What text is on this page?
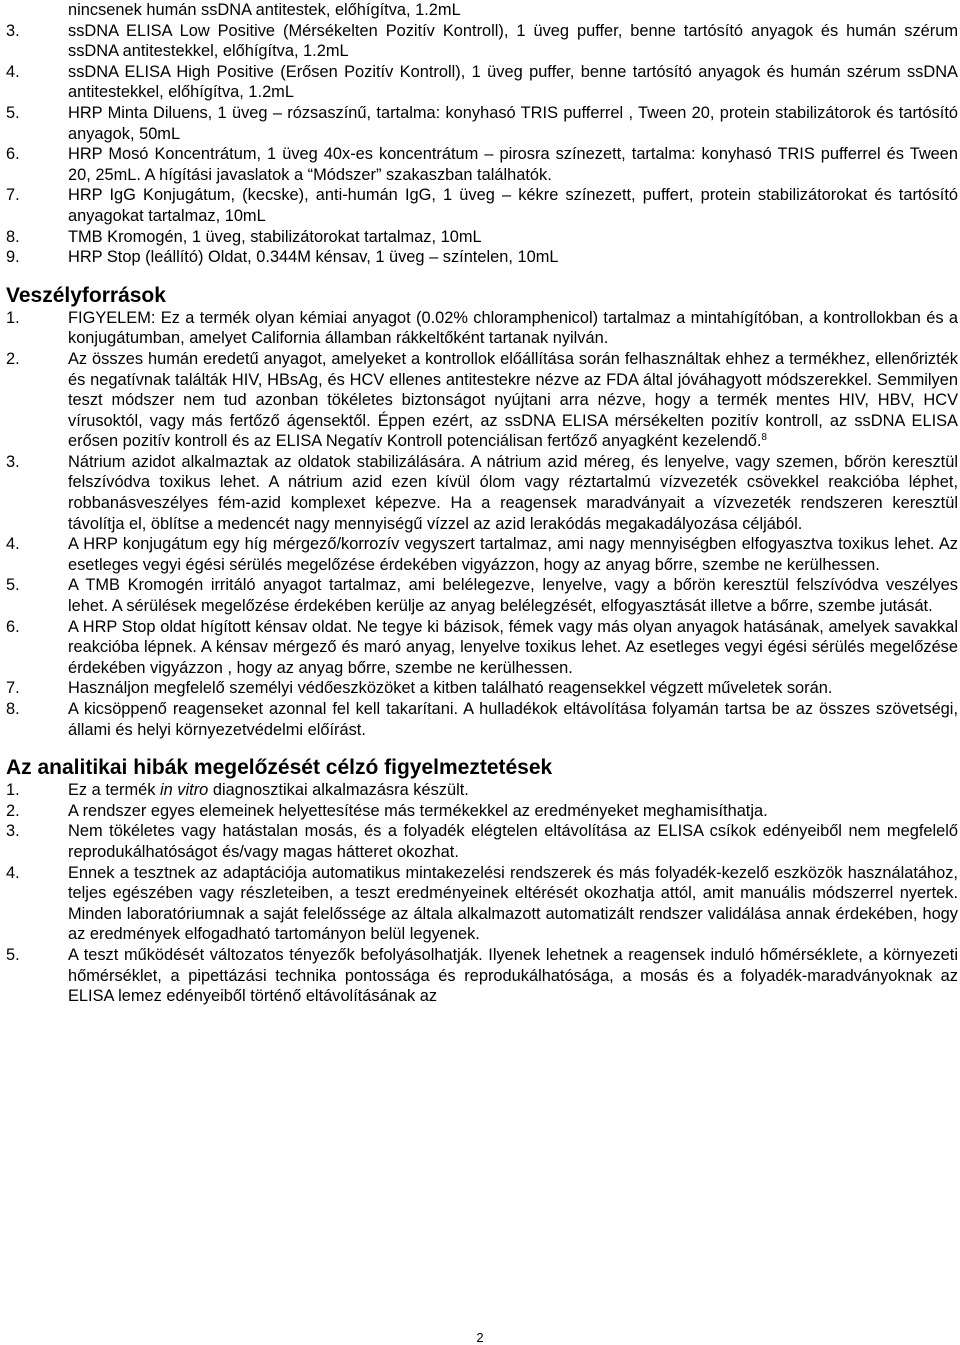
nincsenek humán ssDNA antitestek, előhígítva, 1.2mL
3.	ssDNA ELISA Low Positive (Mérsékelten Pozitív Kontroll), 1 üveg puffer, benne tartósító anyagok és humán szérum ssDNA antitestekkel, előhígítva, 1.2mL
4.	ssDNA ELISA High Positive (Erősen Pozitív Kontroll), 1 üveg puffer, benne tartósító anyagok és humán szérum ssDNA antitestekkel, előhígítva, 1.2mL
5.	HRP Minta Diluens, 1 üveg – rózsaszínű, tartalma: konyhasó TRIS pufferrel , Tween 20, protein stabilizátorok és tartósító anyagok, 50mL
6.	HRP Mosó Koncentrátum, 1 üveg 40x-es koncentrátum – pirosra színezett, tartalma: konyhasó TRIS pufferrel és Tween 20, 25mL. A hígítási javaslatok a “Módszer” szakaszban találhatók.
7.	HRP IgG Konjugátum, (kecske), anti-humán IgG, 1 üveg – kékre színezett, puffert, protein stabilizátorokat és tartósító anyagokat tartalmaz, 10mL
8.	TMB Kromogén, 1 üveg, stabilizátorokat tartalmaz, 10mL
9.	HRP Stop (leállító) Oldat, 0.344M kénsav, 1 üveg – színtelen, 10mL
Veszélyforrások
1.	FIGYELEM: Ez a termék olyan kémiai anyagot (0.02% chloramphenicol) tartalmaz a mintahígítóban, a kontrollokban és a konjugátumban, amelyet California államban rákkeltőként tartanak nyilván.
2.	Az összes humán eredetű anyagot, amelyeket a kontrollok előállítása során felhasználtak ehhez a termékhez, ellenőrizték és negatívnak találták HIV, HBsAg, és HCV ellenes antitestekre nézve az FDA által jóváhagyott módszerekkel. Semmilyen teszt módszer nem tud azonban tökéletes biztonságot nyújtani arra nézve, hogy a termék mentes HIV, HBV, HCV vírusoktól, vagy más fertőző ágensektől. Éppen ezért, az ssDNA ELISA mérsékelten pozitív kontroll, az ssDNA ELISA erősen pozitív kontroll és az ELISA Negatív Kontroll potenciálisan fertőző anyagként kezelendő.$^8$
3.	Nátrium azidot alkalmaztak az oldatok stabilizálására. A nátrium azid méreg, és lenyelve, vagy szemen, bőrön keresztül felszívódva toxikus lehet. A nátrium azid ezen kívül ólom vagy réztartalmú vízvezeték csövekkel reakcióba léphet, robbanásveszélyes fém-azid komplexet képezve. Ha a reagensek maradványait a vízvezeték rendszeren keresztül távolítja el, öblítse a medencét nagy mennyiségű vízzel az azid lerakódás megakadályozása céljából.
4.	A HRP konjugátum egy híg mérgező/korrozív vegyszert tartalmaz, ami nagy mennyiségben elfogyasztva toxikus lehet. Az esetleges vegyi égési sérülés megelőzése érdekében vigyázzon, hogy az anyag bőrre, szembe ne kerülhessen.
5.	A TMB Kromogén irritáló anyagot tartalmaz, ami belélegezve, lenyelve, vagy a bőrön keresztül felszívódva veszélyes lehet. A sérülések megelőzése érdekében kerülje az anyag belélegzését, elfogyasztását illetve a bőrre, szembe jutását.
6.	A HRP Stop oldat hígított kénsav oldat. Ne tegye ki bázisok, fémek vagy más olyan anyagok hatásának, amelyek savakkal reakcióba lépnek. A kénsav mérgező és maró anyag, lenyelve toxikus lehet. Az esetleges vegyi égési sérülés megelőzése érdekében vigyázzon , hogy az anyag bőrre, szembe ne kerülhessen.
7.	Használjon megfelelő személyi védőeszközöket a kitben található reagensekkel végzett műveletek során.
8.	A kicsöppenő reagenseket azonnal fel kell takarítani. A hulladékok eltávolítása folyamán tartsa be az összes szövetségi, állami és helyi környezetvédelmi előírást.
Az analitikai hibák megelőzését célzó figyelmeztetések
1.	Ez a termék in vitro diagnosztikai alkalmazásra készült.
2.	A rendszer egyes elemeinek helyettesítése más termékekkel az eredményeket meghamisíthatja.
3.	Nem tökéletes vagy hatástalan mosás, és a folyadék elégtelen eltávolítása az ELISA csíkok edényeiből nem megfelelő reprodukálhatóságot és/vagy magas hátteret okozhat.
4.	Ennek a tesztnek az adaptációja automatikus mintakezelési rendszerek és más folyadék-kezelő eszközök használatához, teljes egészében vagy részleteiben, a teszt eredményeinek eltérését okozhatja attól, amit manuális módszerrel nyertek. Minden laboratóriumnak a saját felelőssége az általa alkalmazott automatizált rendszer validálása annak érdekében, hogy az eredmények elfogadható tartományon belül legyenek.
5.	A teszt működését változatos tényezők befolyásolhatják. Ilyenek lehetnek a reagensek induló hőmérséklete, a környezeti hőmérséklet, a pipettázási technika pontossága és reprodukálhatósága, a mosás és a folyadék-maradványoknak az ELISA lemez edényeiből történő eltávolításának az
2
